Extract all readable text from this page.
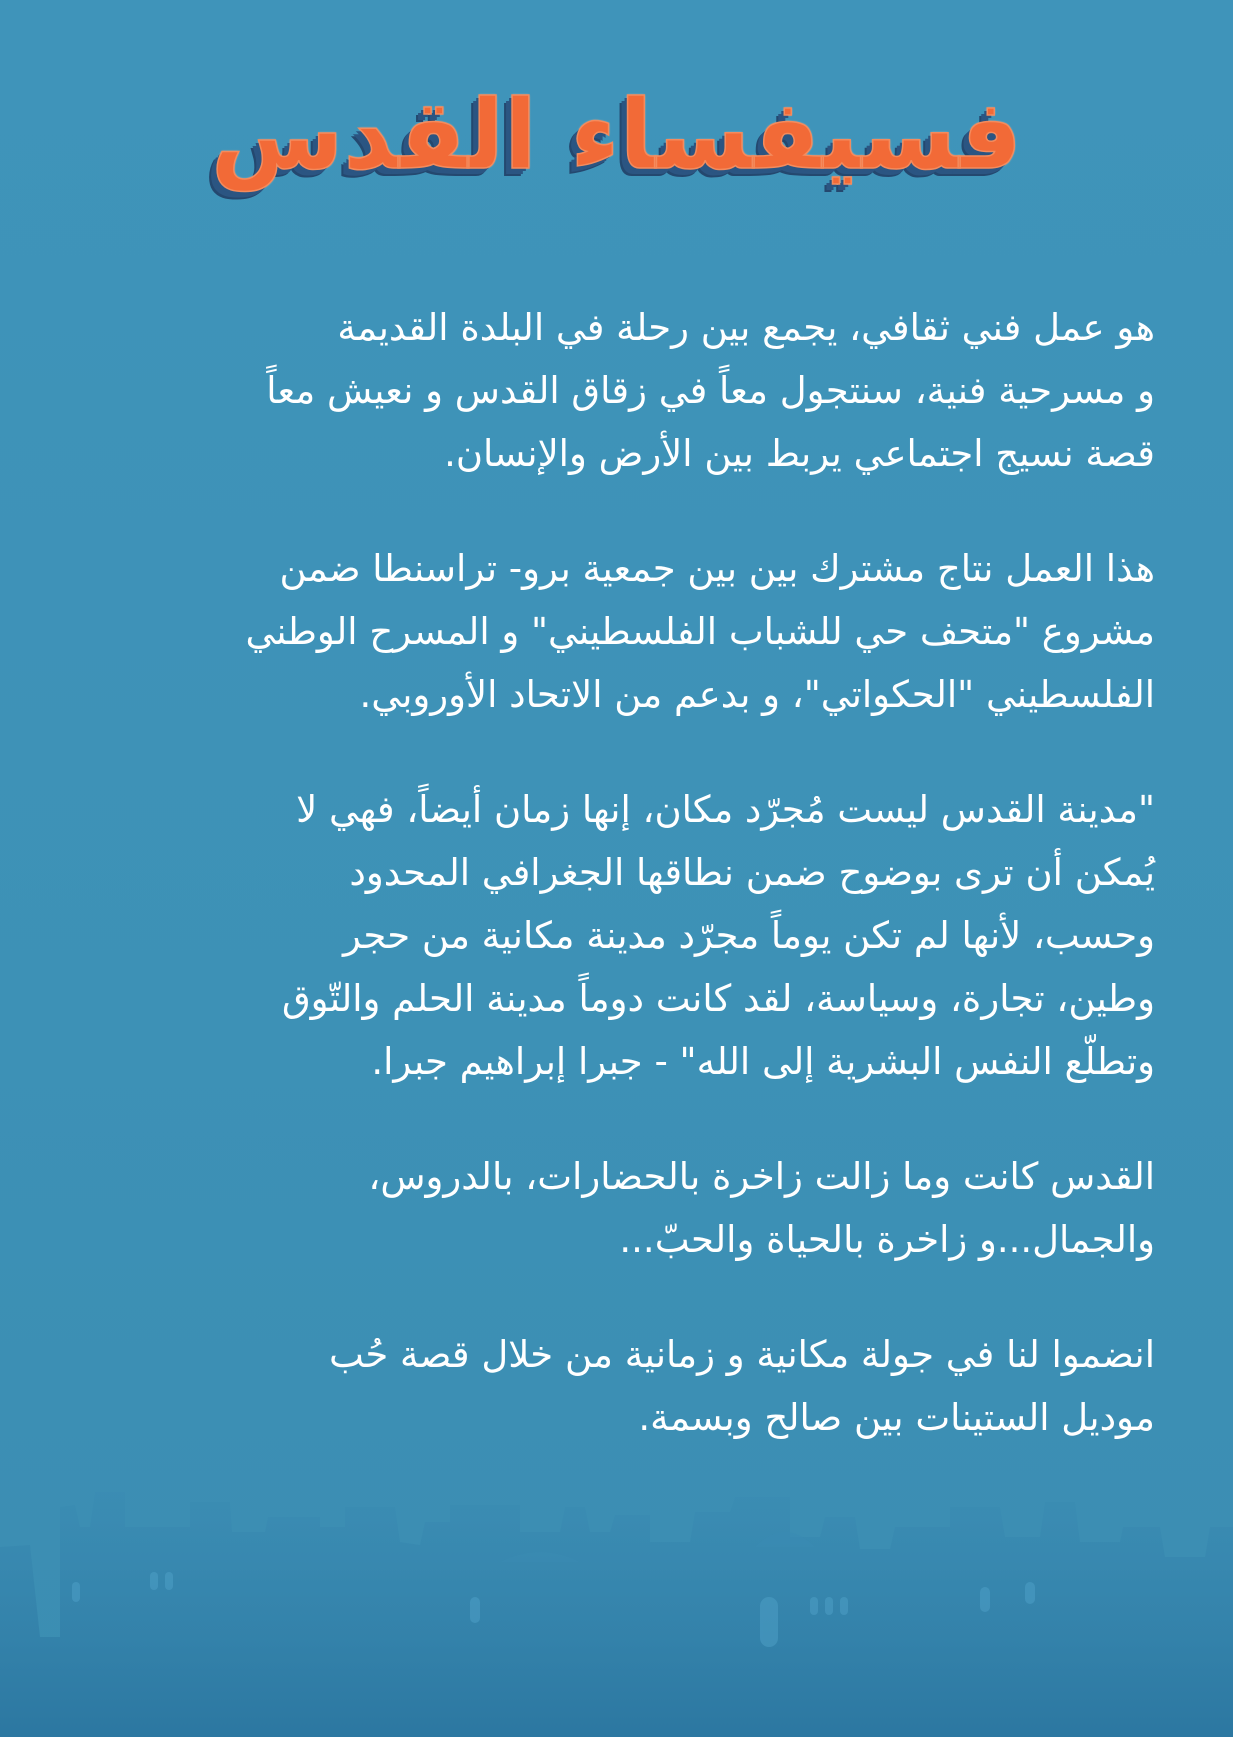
فسيفساء القدس

هو عمل فني ثقافي، يجمع بين رحلة في البلدة القديمة
و مسرحية فنية، سنتجول معاً في زقاق القدس و نعيش معاً
قصة نسيج اجتماعي يربط بين الأرض والإنسان.

هذا العمل نتاج مشترك بين بين جمعية برو- تراسنطا ضمن
مشروع "متحف حي للشباب الفلسطيني" و المسرح الوطني
الفلسطيني "الحكواتي"، و بدعم من الاتحاد الأوروبي.

"مدينة القدس ليست مُجرّد مكان، إنها زمان أيضاً، فهي لا
يُمكن أن ترى بوضوح ضمن نطاقها الجغرافي المحدود
وحسب، لأنها لم تكن يوماً مجرّد مدينة مكانية من حجر
وطين، تجارة، وسياسة، لقد كانت دوماً مدينة الحلم والتّوق
وتطلّع النفس البشرية إلى الله" - جبرا إبراهيم جبرا.

القدس كانت وما زالت زاخرة بالحضارات، بالدروس،
والجمال...و زاخرة بالحياة والحبّ...

انضموا لنا في جولة مكانية و زمانية من خلال قصة حُب
موديل الستينات بين صالح وبسمة.
